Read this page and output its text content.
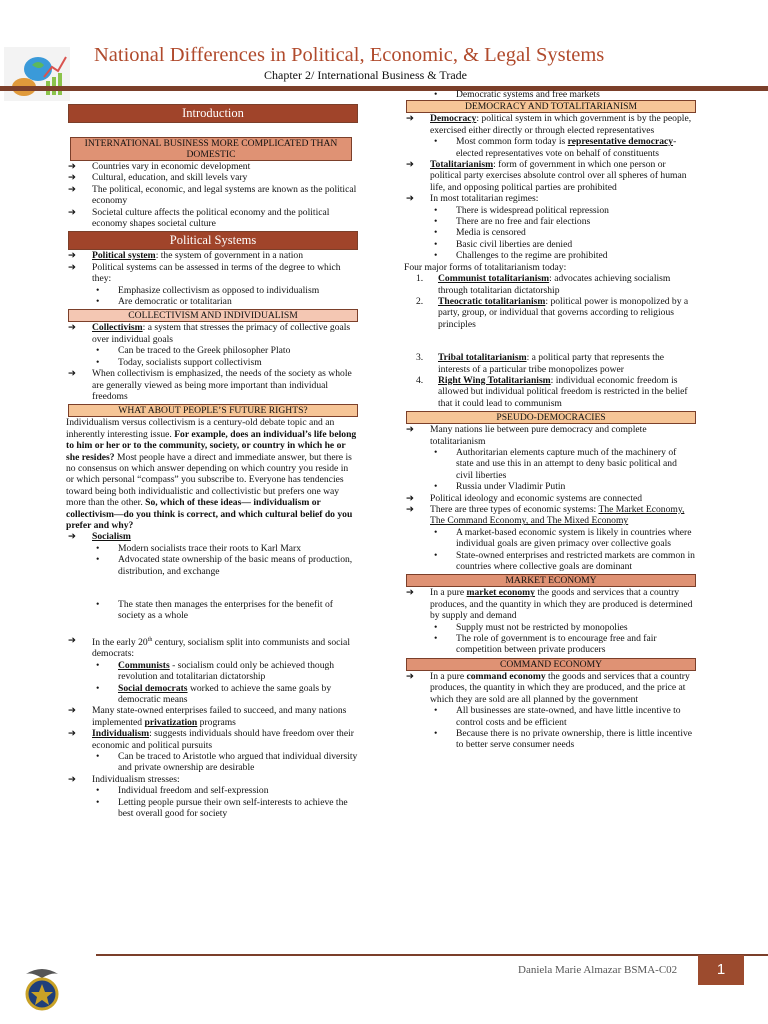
National Differences in Political, Economic, & Legal Systems
Chapter 2/ International Business & Trade
Introduction
INTERNATIONAL BUSINESS MORE COMPLICATED THAN DOMESTIC
➔ Countries vary in economic development
➔ Cultural, education, and skill levels vary
➔ The political, economic, and legal systems are known as the political economy
➔ Societal culture affects the political economy and the political economy shapes societal culture
Political Systems
➔ Political system: the system of government in a nation
➔ Political systems can be assessed in terms of the degree to which they:
• Emphasize collectivism as opposed to individualism
• Are democratic or totalitarian
COLLECTIVISM AND INDIVIDUALISM
➔ Collectivism: a system that stresses the primacy of collective goals over individual goals
• Can be traced to the Greek philosopher Plato
• Today, socialists support collectivism
➔ When collectivism is emphasized, the needs of the society as whole are generally viewed as being more important than individual freedoms
WHAT ABOUT PEOPLE’S FUTURE RIGHTS?
Individualism versus collectivism is a century-old debate topic and an inherently interesting issue. For example, does an individual’s life belong to him or her or to the community, society, or country in which he or she resides? Most people have a direct and immediate answer, but there is no consensus on which answer depending on which country you reside in or which personal “compass” you subscribe to. Everyone has tendencies toward being both individualistic and collectivistic but prefers one way more than the other. So, which of these ideas— individualism or collectivism—do you think is correct, and which cultural belief do you prefer and why?
➔ Socialism
• Modern socialists trace their roots to Karl Marx
• Advocated state ownership of the basic means of production, distribution, and exchange
• The state then manages the enterprises for the benefit of society as a whole
➔ In the early 20th century, socialism split into communists and social democrats:
• Communists - socialism could only be achieved though revolution and totalitarian dictatorship
• Social democrats worked to achieve the same goals by democratic means
➔ Many state-owned enterprises failed to succeed, and many nations implemented privatization programs
➔ Individualism: suggests individuals should have freedom over their economic and political pursuits
• Can be traced to Aristotle who argued that individual diversity and private ownership are desirable
➔ Individualism stresses:
• Individual freedom and self-expression
• Letting people pursue their own self-interests to achieve the best overall good for society
• Democratic systems and free markets
DEMOCRACY AND TOTALITARIANISM
➔ Democracy: political system in which government is by the people, exercised either directly or through elected representatives
• Most common form today is representative democracy- elected representatives vote on behalf of constituents
➔ Totalitarianism: form of government in which one person or political party exercises absolute control over all spheres of human life, and opposing political parties are prohibited
➔ In most totalitarian regimes:
• There is widespread political repression
• There are no free and fair elections
• Media is censored
• Basic civil liberties are denied
• Challenges to the regime are prohibited
Four major forms of totalitarianism today:
1. Communist totalitarianism: advocates achieving socialism through totalitarian dictatorship
2. Theocratic totalitarianism: political power is monopolized by a party, group, or individual that governs according to religious principles
3. Tribal totalitarianism: a political party that represents the interests of a particular tribe monopolizes power
4. Right Wing Totalitarianism: individual economic freedom is allowed but individual political freedom is restricted in the belief that it could lead to communism
PSEUDO-DEMOCRACIES
➔ Many nations lie between pure democracy and complete totalitarianism
• Authoritarian elements capture much of the machinery of state and use this in an attempt to deny basic political and civil liberties
• Russia under Vladimir Putin
➔ Political ideology and economic systems are connected
➔ There are three types of economic systems: The Market Economy, The Command Economy, and The Mixed Economy
• A market-based economic system is likely in countries where individual goals are given primacy over collective goals
• State-owned enterprises and restricted markets are common in countries where collective goals are dominant
MARKET ECONOMY
➔ In a pure market economy the goods and services that a country produces, and the quantity in which they are produced is determined by supply and demand
• Supply must not be restricted by monopolies
• The role of government is to encourage free and fair competition between private producers
COMMAND ECONOMY
➔ In a pure command economy the goods and services that a country produces, the quantity in which they are produced, and the price at which they are sold are all planned by the government
• All businesses are state-owned, and have little incentive to control costs and be efficient
• Because there is no private ownership, there is little incentive to better serve consumer needs
Daniela Marie Almazar BSMA-C02	1
